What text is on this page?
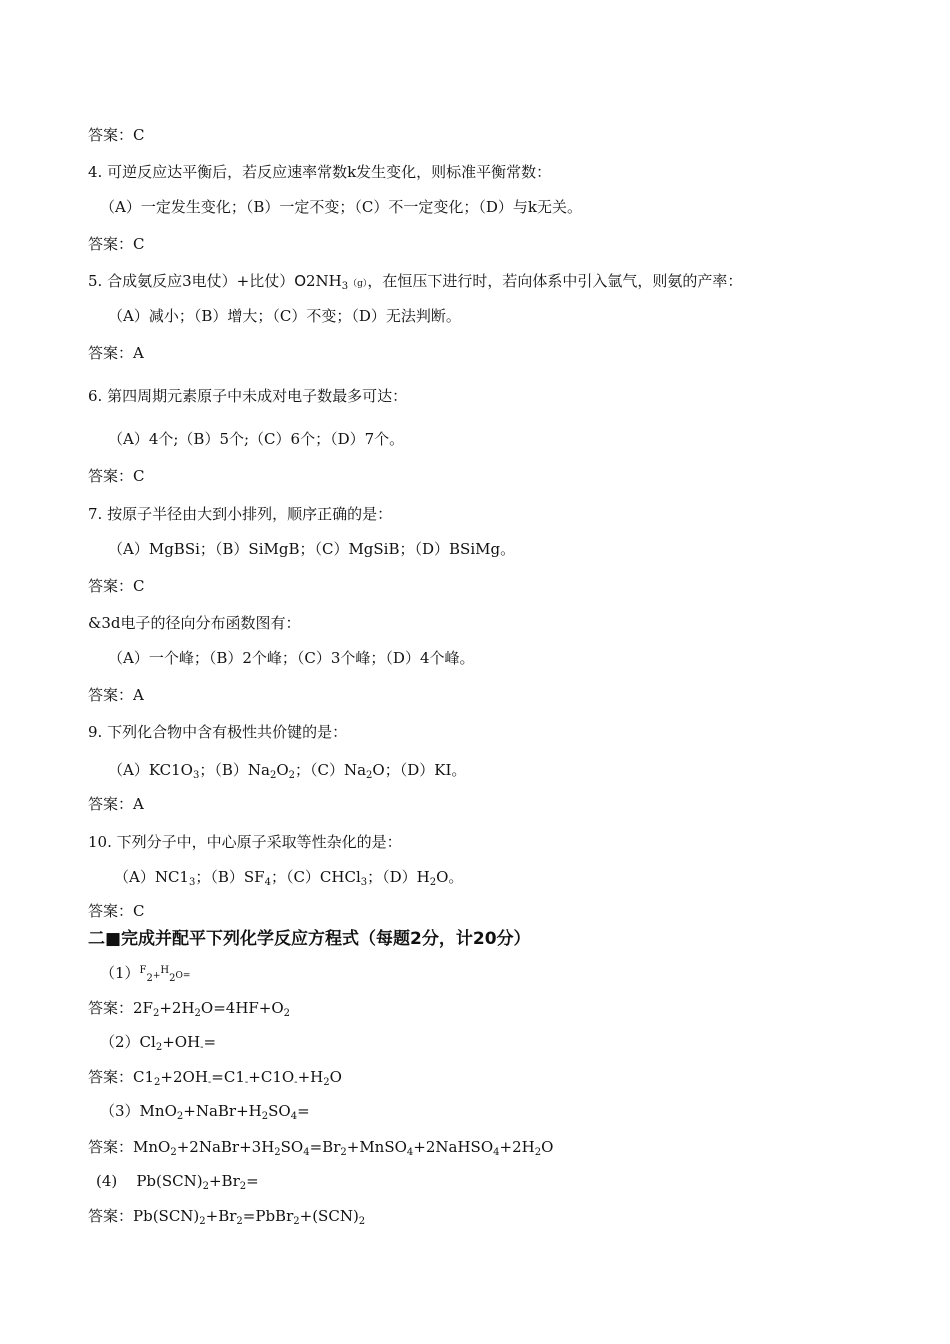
答案：C
4. 可逆反应达平衡后，若反应速率常数k发生变化，则标准平衡常数：
（A）一定发生变化；（B）一定不变；（C）不一定变化；（D）与k无关。
答案：C
5. 合成氨反应3电仗）+比仗）$O2NH_3(g)$，在恒压下进行时，若向体系中引入氩气，则氨的产率：
（A）减小；（B）增大；（C）不变；（D）无法判断。
答案：A
6. 第四周期元素原子中未成对电子数最多可达：
（A）4个;（B）5个;（C）6个；（D）7个。
答案：C
7. 按原子半径由大到小排列，顺序正确的是：
（A）MgBSi；（B）SiMgB；（C）MgSiB；（D）BSiMg。
答案：C
&3d电子的径向分布函数图有：
（A）一个峰；（B）2个峰；（C）3个峰；（D）4个峰。
答案：A
9. 下列化合物中含有极性共价键的是：
$(A)KC1O_3$；$(B)Na_2O_2$；$(C)Na_2O$；（D）KI。
答案：A
10. 下列分子中，中心原子采取等性杂化的是：
$(A)NC1_3$；$(B)SF_4$；（C）CHCl$_3$；$(D)H_2O$。
答案：C
二■完成并配平下列化学反应方程式（每题2分，计20分）
$(1)^F_2+^H_2O=$
答案：$2F_2+2H_2O=4HF+O_2$
$(2)Cl_2+OH_-=$
答案：$C1_2+2OH_-=C1_-+C1O_-+H_2O$
$(3)MnO_2+NaBr+H_2SO_4=$
答案：$MnO_2+2NaBr+3H_2SO_4=Br_2+MnSO_4+2NaHSO_4+2H_2O$
(4)    $Pb(SCN)_2+Br_2=$
答案：$Pb(SCN)_2+Br_2=PbBr_2+(SCN)_2$
